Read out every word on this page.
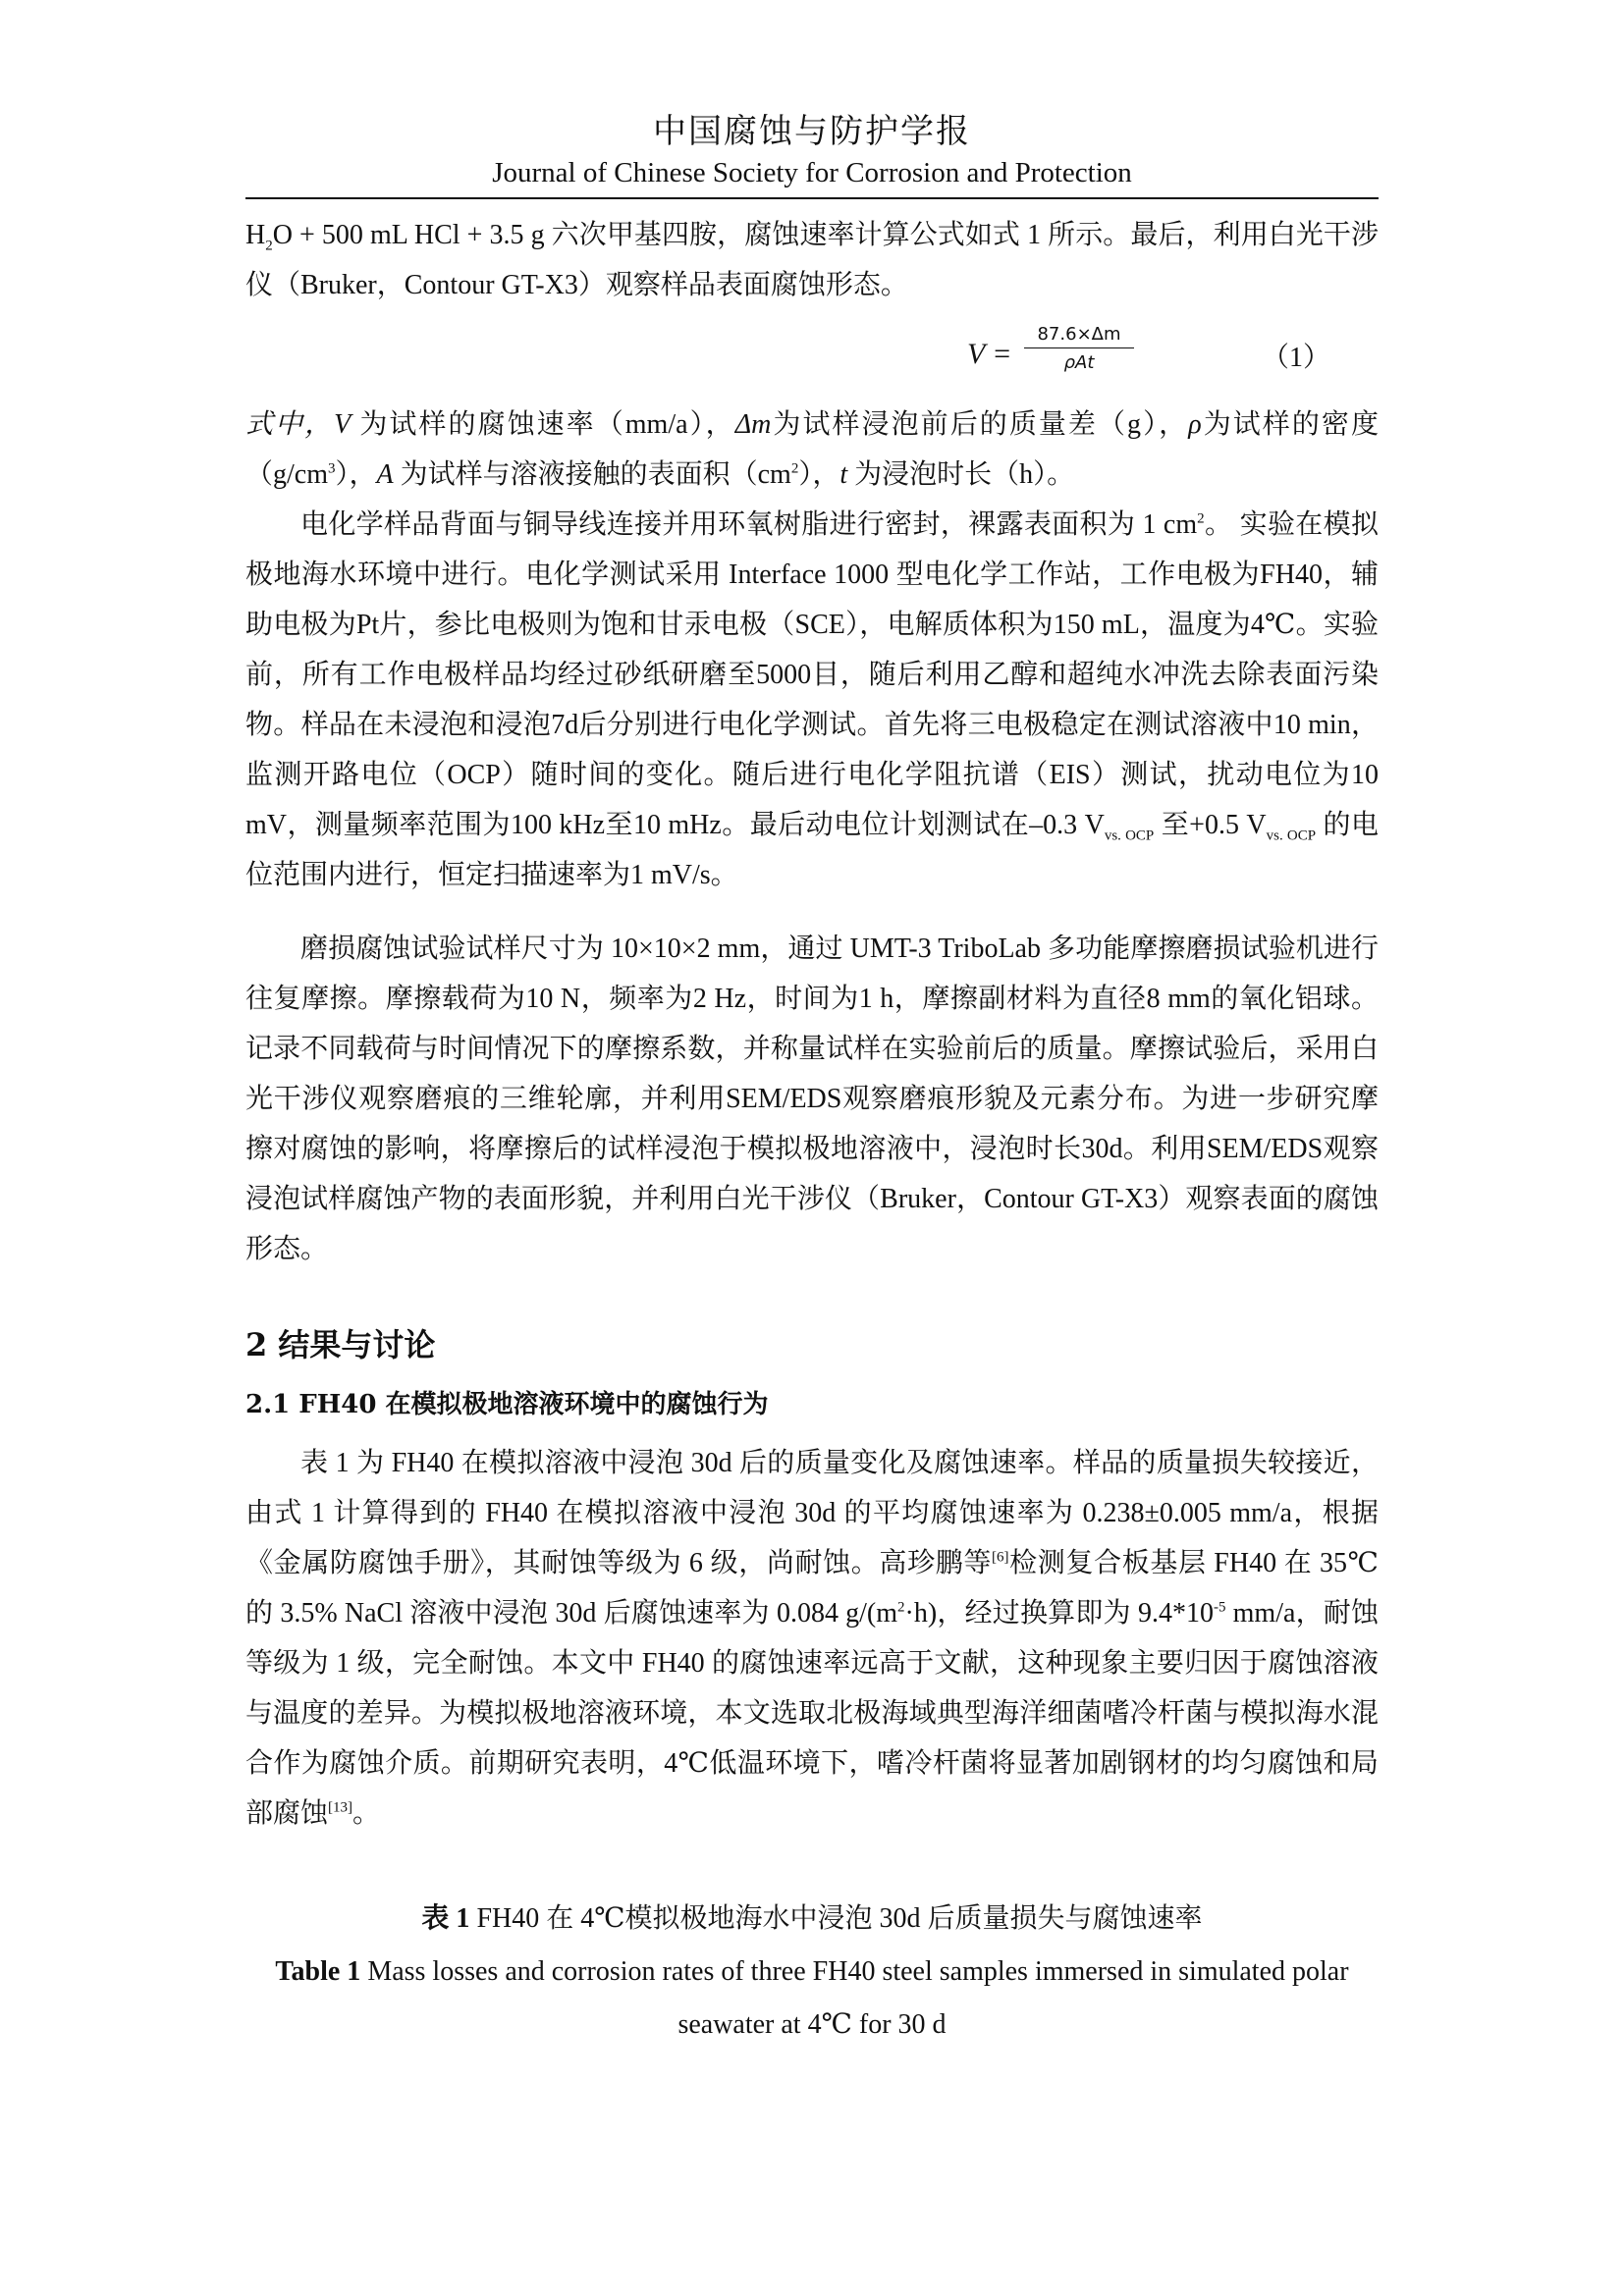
中国腐蚀与防护学报
Journal of Chinese Society for Corrosion and Protection

$H_2O + 500$ mL HCl + 3.5 g 六次甲基四胺，腐蚀速率计算公式如式 1 所示。最后，利用白光干涉仪（Bruker，Contour GT-X3）观察样品表面腐蚀形态。

V =
87.6×Δm
ρAt	（1）

式中，V 为试样的腐蚀速率（mm/a），Δm为试样浸泡前后的质量差（g），ρ为试样的密度$(g/cm^3)$，A 为试样与溶液接触的表面积$(cm^2)$，t 为浸泡时长（h）。

电化学样品背面与铜导线连接并用环氧树脂进行密封，裸露表面积为 1 $cm^2$。 实验在模拟极地海水环境中进行。电化学测试采用 Interface 1000 型电化学工作站，工作电极为FH40，辅助电极为Pt片，参比电极则为饱和甘汞电极（SCE），电解质体积为150 mL，温度为4℃。实验前，所有工作电极样品均经过砂纸研磨至5000目，随后利用乙醇和超纯水冲洗去除表面污染物。样品在未浸泡和浸泡7d后分别进行电化学测试。首先将三电极稳定在测试溶液中10 min，监测开路电位（OCP）随时间的变化。随后进行电化学阻抗谱（EIS）测试，扰动电位为10 mV，测量频率范围为100 kHz至10 mHz。最后动电位计划测试在–0.3 $V_{vs. OCP}$ 至+0.5 $V_{vs. OCP}$ 的电位范围内进行，恒定扫描速率为1 mV/s。

磨损腐蚀试验试样尺寸为 10×10×2 mm，通过 UMT-3 TriboLab 多功能摩擦磨损试验机进行往复摩擦。摩擦载荷为10 N，频率为2 Hz，时间为1 h，摩擦副材料为直径8 mm的氧化铝球。记录不同载荷与时间情况下的摩擦系数，并称量试样在实验前后的质量。摩擦试验后，采用白光干涉仪观察磨痕的三维轮廓，并利用SEM/EDS观察磨痕形貌及元素分布。为进一步研究摩擦对腐蚀的影响，将摩擦后的试样浸泡于模拟极地溶液中，浸泡时长30d。利用SEM/EDS观察浸泡试样腐蚀产物的表面形貌，并利用白光干涉仪（Bruker，Contour GT-X3）观察表面的腐蚀形态。

2 结果与讨论
2.1 FH40 在模拟极地溶液环境中的腐蚀行为

表 1 为 FH40 在模拟溶液中浸泡 30d 后的质量变化及腐蚀速率。样品的质量损失较接近，由式 1 计算得到的 FH40 在模拟溶液中浸泡 30d 的平均腐蚀速率为 0.238±0.005 mm/a，根据《金属防腐蚀手册》，其耐蚀等级为 6 级，尚耐蚀。高珍鹏等[6]检测复合板基层 FH40 在 35℃的 3.5% NaCl 溶液中浸泡 30d 后腐蚀速率为 0.084 $g/(m^2\cdot h)$，经过换算即为 $9.4*10^{-5}$ mm/a，耐蚀等级为 1 级，完全耐蚀。本文中 FH40 的腐蚀速率远高于文献，这种现象主要归因于腐蚀溶液与温度的差异。为模拟极地溶液环境，本文选取北极海域典型海洋细菌嗜冷杆菌与模拟海水混合作为腐蚀介质。前期研究表明，4℃低温环境下，嗜冷杆菌将显著加剧钢材的均匀腐蚀和局部腐蚀[13]。

表 1 FH40 在 4℃模拟极地海水中浸泡 30d 后质量损失与腐蚀速率
Table 1 Mass losses and corrosion rates of three FH40 steel samples immersed in simulated polar seawater at 4℃ for 30 d
